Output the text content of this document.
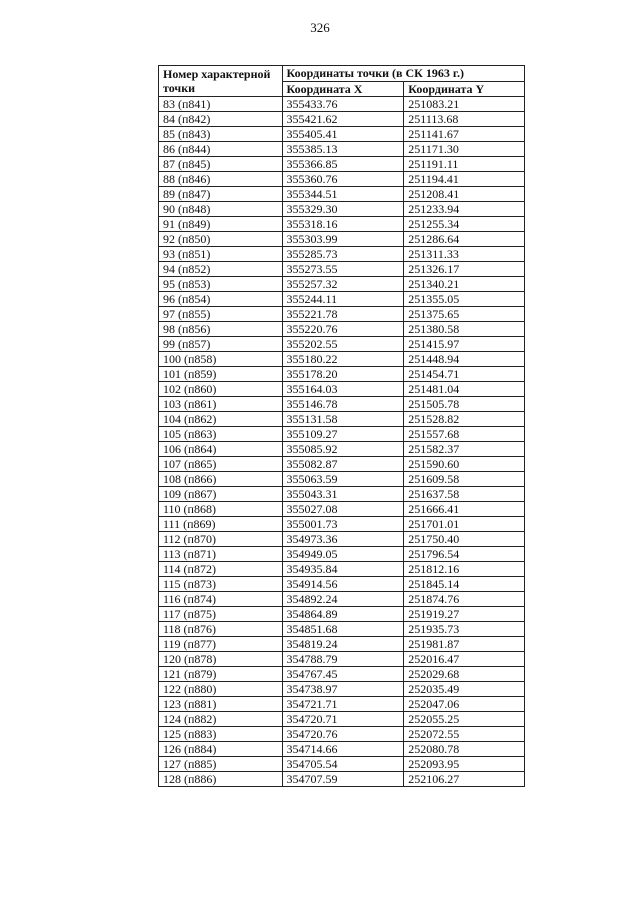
326
Номер характерной точки	Координаты точки (в СК 1963 г.)	
	Координата X	Координата Y
83 (п841)	355433.76	251083.21
84 (п842)	355421.62	251113.68
85 (п843)	355405.41	251141.67
86 (п844)	355385.13	251171.30
87 (п845)	355366.85	251191.11
88 (п846)	355360.76	251194.41
89 (п847)	355344.51	251208.41
90 (п848)	355329.30	251233.94
91 (п849)	355318.16	251255.34
92 (п850)	355303.99	251286.64
93 (п851)	355285.73	251311.33
94 (п852)	355273.55	251326.17
95 (п853)	355257.32	251340.21
96 (п854)	355244.11	251355.05
97 (п855)	355221.78	251375.65
98 (п856)	355220.76	251380.58
99 (п857)	355202.55	251415.97
100 (п858)	355180.22	251448.94
101 (п859)	355178.20	251454.71
102 (п860)	355164.03	251481.04
103 (п861)	355146.78	251505.78
104 (п862)	355131.58	251528.82
105 (п863)	355109.27	251557.68
106 (п864)	355085.92	251582.37
107 (п865)	355082.87	251590.60
108 (п866)	355063.59	251609.58
109 (п867)	355043.31	251637.58
110 (п868)	355027.08	251666.41
111 (п869)	355001.73	251701.01
112 (п870)	354973.36	251750.40
113 (п871)	354949.05	251796.54
114 (п872)	354935.84	251812.16
115 (п873)	354914.56	251845.14
116 (п874)	354892.24	251874.76
117 (п875)	354864.89	251919.27
118 (п876)	354851.68	251935.73
119 (п877)	354819.24	251981.87
120 (п878)	354788.79	252016.47
121 (п879)	354767.45	252029.68
122 (п880)	354738.97	252035.49
123 (п881)	354721.71	252047.06
124 (п882)	354720.71	252055.25
125 (п883)	354720.76	252072.55
126 (п884)	354714.66	252080.78
127 (п885)	354705.54	252093.95
128 (п886)	354707.59	252106.27
